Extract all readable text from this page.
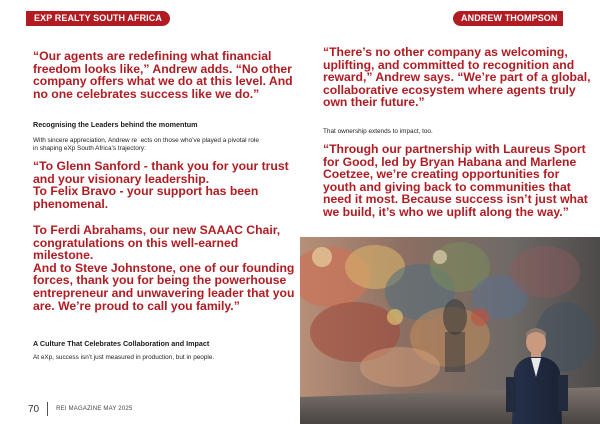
EXP REALTY SOUTH AFRICA
“Our agents are redefining what financial freedom looks like,” Andrew adds. “No other company offers what we do at this level. And no one celebrates success like we do.”
Recognising the Leaders behind the momentum
With sincere appreciation, Andrew re  ects on those who’ve played a pivotal role in shaping eXp South Africa’s trajectory:
“To Glenn Sanford - thank you for your trust and your visionary leadership.
To Felix Bravo - your support has been phenomenal.
To Ferdi Abrahams, our new SAAAC Chair, congratulations on this well-earned milestone.
And to Steve Johnstone, one of our founding forces, thank you for being the powerhouse entrepreneur and unwavering leader that you are. We’re proud to call you family.”
A Culture That Celebrates Collaboration and Impact
At eXp, success isn’t just measured in production, but in people.
70	REI MAGAZINE MAY 2025
ANDREW THOMPSON
“There’s no other company as welcoming, uplifting, and committed to recognition and reward,” Andrew says. “We’re part of a global, collaborative ecosystem where agents truly own their future.”
That ownership extends to impact, too.
“Through our partnership with Laureus Sport for Good, led by Bryan Habana and Marlene Coetzee, we’re creating opportunities for youth and giving back to communities that need it most. Because success isn’t just what we build, it’s who we uplift along the way.”
